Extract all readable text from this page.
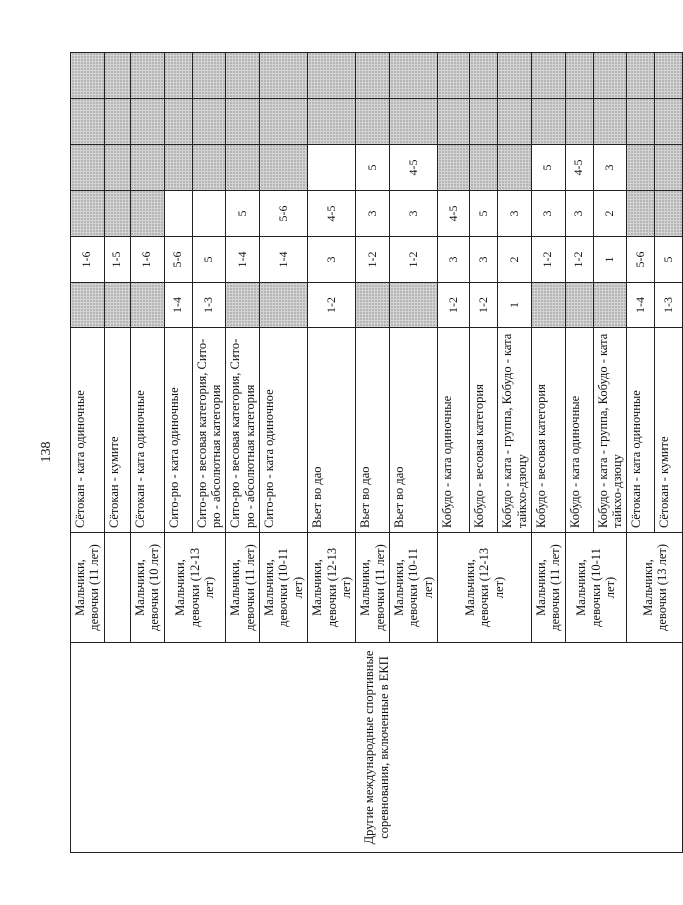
138
Другие международные спортивные соревнования, включенные в ЕКП	Мальчики, девочки (11 лет)	Сётокан - ката одиночные		1-6				
		Сётокан - кумите		1-5				
	Мальчики, девочки (10 лет)	Сётокан - ката одиночные		1-6				
	Мальчики, девочки (12-13 лет)	Сито-рю - ката одиночные	1-4	5-6				
		Сито-рю - весовая категория, Сито-рю - абсолютная категория	1-3	5				
	Мальчики, девочки (11 лет)	Сито-рю - весовая категория, Сито-рю - абсолютная категория		1-4	5			
	Мальчики, девочки (10-11 лет)	Сито-рю - ката одиночное		1-4	5-6			
	Мальчики, девочки (12-13 лет)	Вьет во дао	1-2	3	4-5			
	Мальчики, девочки (11 лет)	Вьет во дао		1-2	3	5		
	Мальчики, девочки (10-11 лет)	Вьет во дао		1-2	3	4-5		
	Мальчики, девочки (12-13 лет)	Кобудо - ката одиночные	1-2	3	4-5			
		Кобудо - весовая категория	1-2	3	5			
		Кобудо - ката - группа, Кобудо - ката тайкхо-дзюцу	1	2	3			
	Мальчики, девочки (11 лет)	Кобудо - весовая категория		1-2	3	5		
	Мальчики, девочки (10-11 лет)	Кобудо - ката одиночные		1-2	3	4-5		
		Кобудо - ката - группа, Кобудо - ката тайкхо-дзюцу		1	2	3		
	Мальчики, девочки (13 лет)	Сётокан - ката одиночные	1-4	5-6				
		Сётокан - кумите	1-3	5				
